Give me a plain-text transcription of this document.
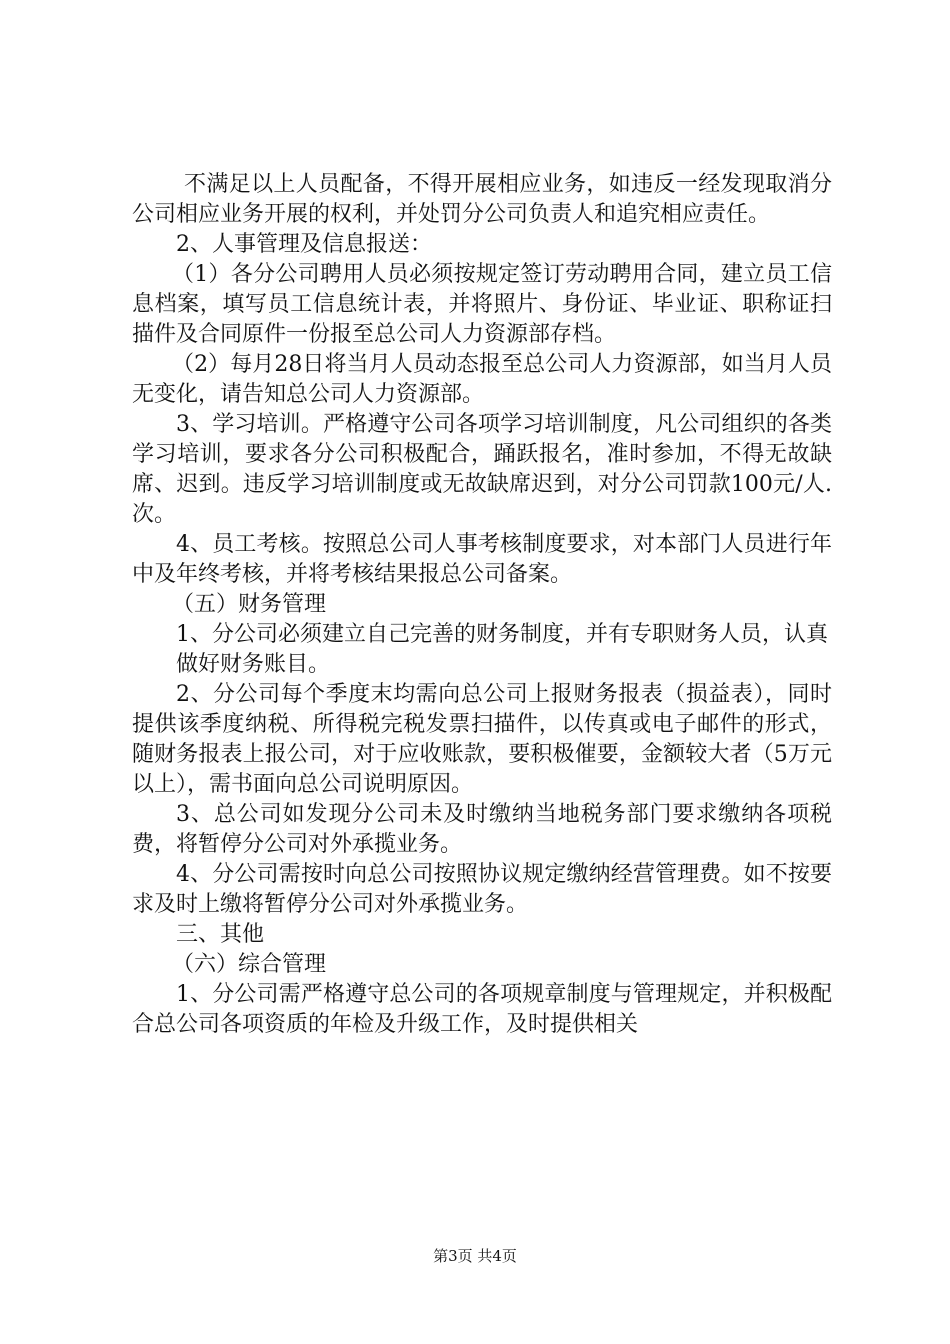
不满足以上人员配备，不得开展相应业务，如违反一经发现取消分公司相应业务开展的权利，并处罚分公司负责人和追究相应责任。

2、人事管理及信息报送：

（1）各分公司聘用人员必须按规定签订劳动聘用合同，建立员工信息档案，填写员工信息统计表，并将照片、身份证、毕业证、职称证扫描件及合同原件一份报至总公司人力资源部存档。

（2）每月28日将当月人员动态报至总公司人力资源部，如当月人员无变化，请告知总公司人力资源部。

3、学习培训。严格遵守公司各项学习培训制度，凡公司组织的各类学习培训，要求各分公司积极配合，踊跃报名，准时参加，不得无故缺席、迟到。违反学习培训制度或无故缺席迟到，对分公司罚款100元/人.次。

4、员工考核。按照总公司人事考核制度要求，对本部门人员进行年中及年终考核，并将考核结果报总公司备案。

（五）财务管理

1、分公司必须建立自己完善的财务制度，并有专职财务人员，认真

做好财务账目。

2、分公司每个季度末均需向总公司上报财务报表（损益表），同时提供该季度纳税、所得税完税发票扫描件，以传真或电子邮件的形式，随财务报表上报公司，对于应收账款，要积极催要，金额较大者（5万元以上），需书面向总公司说明原因。

3、总公司如发现分公司未及时缴纳当地税务部门要求缴纳各项税费，将暂停分公司对外承揽业务。

4、分公司需按时向总公司按照协议规定缴纳经营管理费。如不按要求及时上缴将暂停分公司对外承揽业务。

三、其他

（六）综合管理

1、分公司需严格遵守总公司的各项规章制度与管理规定，并积极配合总公司各项资质的年检及升级工作，及时提供相关

第3页 共4页
